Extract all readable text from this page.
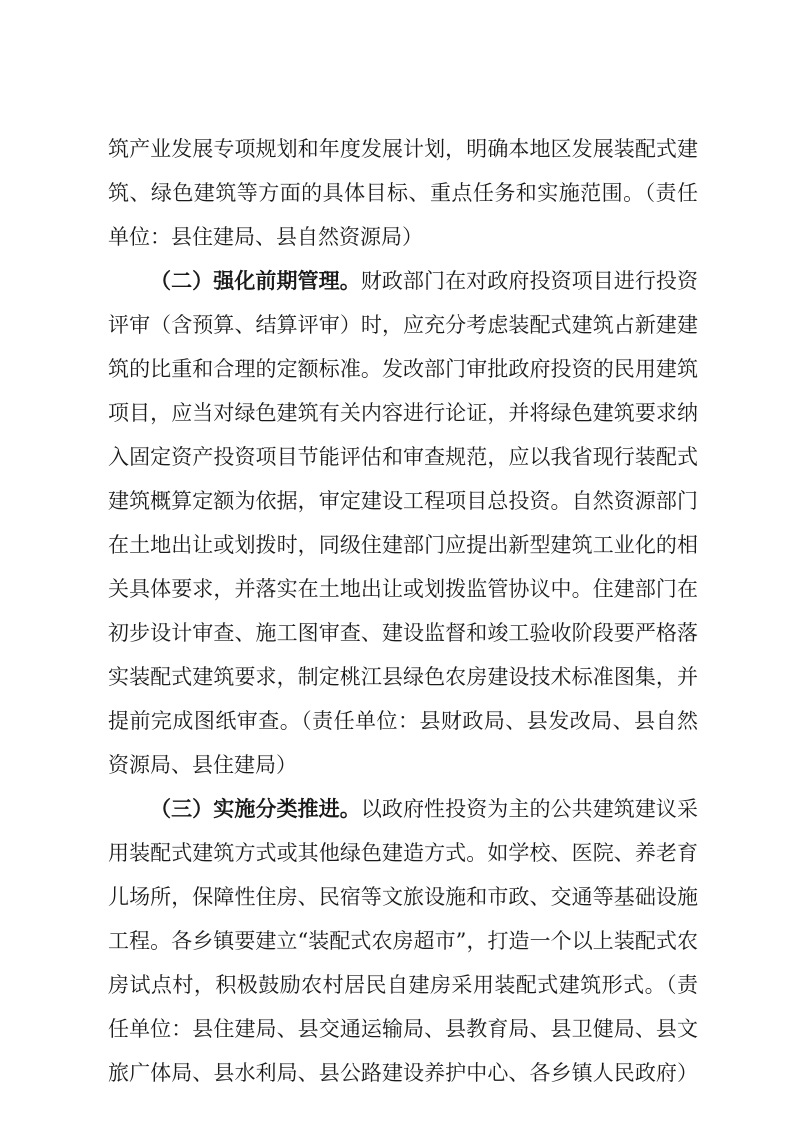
筑产业发展专项规划和年度发展计划，明确本地区发展装配式建
筑、绿色建筑等方面的具体目标、重点任务和实施范围。（责任
单位：县住建局、县自然资源局）
（二）强化前期管理。财政部门在对政府投资项目进行投资
评审（含预算、结算评审）时，应充分考虑装配式建筑占新建建
筑的比重和合理的定额标准。发改部门审批政府投资的民用建筑
项目，应当对绿色建筑有关内容进行论证，并将绿色建筑要求纳
入固定资产投资项目节能评估和审查规范，应以我省现行装配式
建筑概算定额为依据，审定建设工程项目总投资。自然资源部门
在土地出让或划拨时，同级住建部门应提出新型建筑工业化的相
关具体要求，并落实在土地出让或划拨监管协议中。住建部门在
初步设计审查、施工图审查、建设监督和竣工验收阶段要严格落
实装配式建筑要求，制定桃江县绿色农房建设技术标准图集，并
提前完成图纸审查。（责任单位：县财政局、县发改局、县自然
资源局、县住建局）
（三）实施分类推进。以政府性投资为主的公共建筑建议采
用装配式建筑方式或其他绿色建造方式。如学校、医院、养老育
儿场所，保障性住房、民宿等文旅设施和市政、交通等基础设施
工程。各乡镇要建立“装配式农房超市”，打造一个以上装配式农
房试点村，积极鼓励农村居民自建房采用装配式建筑形式。（责
任单位：县住建局、县交通运输局、县教育局、县卫健局、县文
旅广体局、县水利局、县公路建设养护中心、各乡镇人民政府）
